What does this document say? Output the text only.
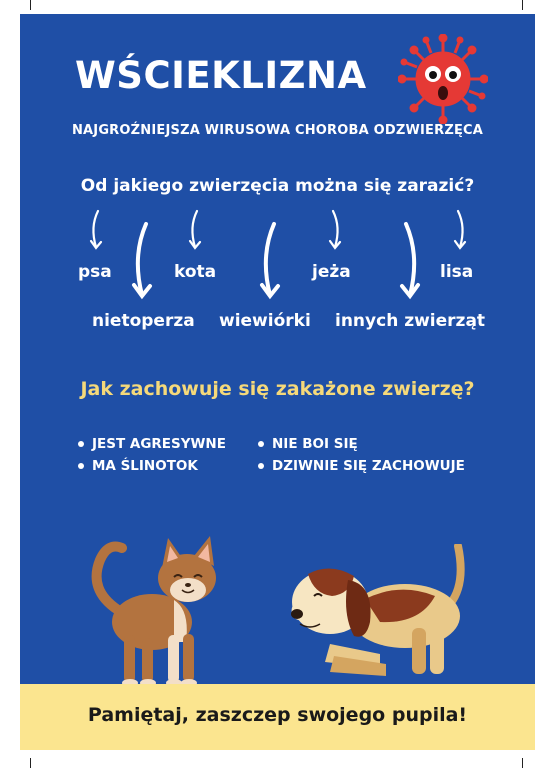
WŚCIEKLIZNA
NAJGROŹNIEJSZA WIRUSOWA CHOROBA ODZWIERZĘCA
Od jakiego zwierzęcia można się zarazić?
psa	kota	jeża	lisa
nietoperza wiewiórki innych zwierząt
Jak zachowuje się zakażone zwierzę?
JEST AGRESYWNE
MA ŚLINOTOK
NIE BOI SIĘ
DZIWNIE SIĘ ZACHOWUJE
Pamiętaj, zaszczep swojego pupila!
